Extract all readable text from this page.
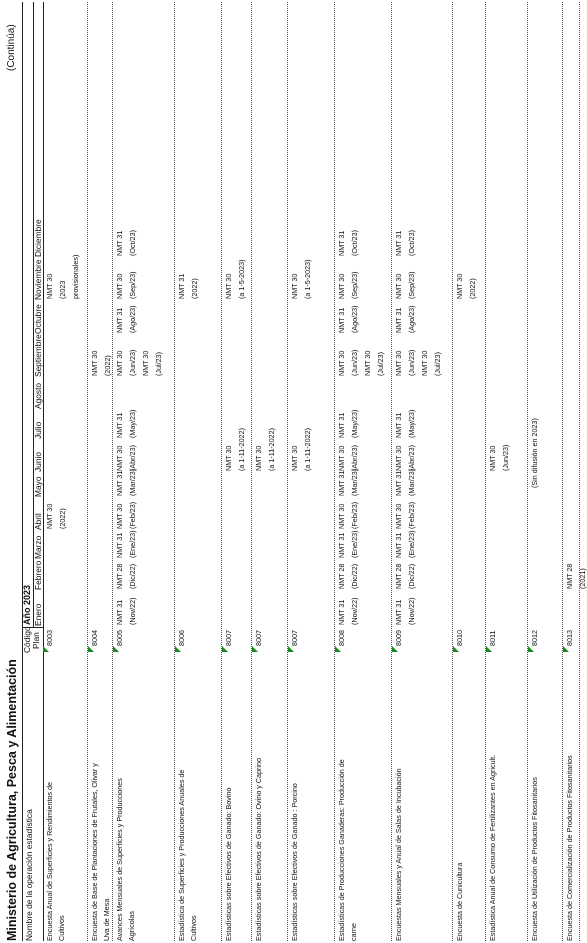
Ministerio de Agricultura, Pesca y Alimentación
(Continúa)
Nombre de la operación estadística
Código Plan
Año 2023 Enero
Febrero
Marzo
Abril
Mayo
Junio
Julio
Agosto
Septiembre
Octubre
Noviembre
Diciembre
Encuesta Anual de Superficies y Rendimientos de Cultivos
8003
NMT 30 (2022)
NMT 30 (2023 provisionales)
Encuesta de Base de Plantaciones de Frutales, Olivar y Uva de Mesa
8004
NMT 30 (2022)
Avances Mensuales de Superficies y Producciones Agrícolas
8005
NMT 31 (Nov/22)
NMT 28 (Dic/22)
NMT 31 (Ene/23)
NMT 30 (Feb/23)
NMT 31 (Mar/23)
NMT 30 (Abr/23)
NMT 31 (May/23)
NMT 30 (Jun/23) NMT 30 (Jul/23)
NMT 31 (Ago/23)
NMT 30 (Sep/23)
NMT 31 (Oct/23)
Estadística de Superficies y Producciones Anuales de Cultivos
8006
NMT 31 (2022)
Estadísticas sobre Efectivos de Ganado: Bovino
8007
NMT 30 (a 1-11-2022)
NMT 30 (a 1-5-2023)
Estadísticas sobre Efectivos de Ganado: Ovino y Caprino
8007
NMT 30 (a 1-11-2022)
Estadísticas sobre Efectivos de Ganado : Porcino
8007
NMT 30 (a 1-11-2022)
NMT 30 (a 1-5-2023)
Estadísticas de Producciones Ganaderas: Producción de carne
8008
NMT 31 (Nov/22)
NMT 28 (Dic/22)
NMT 31 (Ene/23)
NMT 30 (Feb/23)
NMT 31 (Mar/23)
NMT 30 (Abr/23)
NMT 31 (May/23)
NMT 30 (Jun/23) NMT 30 (Jul/23)
NMT 31 (Ago/23)
NMT 30 (Sep/23)
NMT 31 (Oct/23)
Encuestas Mensuales y Anual de Salas de Incubación
8009
NMT 31 (Nov/22)
NMT 28 (Dic/22)
NMT 31 (Ene/23)
NMT 30 (Feb/23)
NMT 31 (Mar/23)
NMT 30 (Abr/23)
NMT 31 (May/23)
NMT 30 (Jun/23) NMT 30 (Jul/23)
NMT 31 (Ago/23)
NMT 30 (Sep/23)
NMT 31 (Oct/23)
Encuesta de Cunicultura
8010
NMT 30 (2022)
Estadística Anual de Consumo de Fertilizantes en Agricult.
8011
NMT 30 (Jun/23)
Encuesta de Utilización de Productos Fitosanitarios
8012
(Sin difusión en 2023)
Encuesta de Comercialización de Productos Fitosanitarios
8013
NMT 28 (2021)
